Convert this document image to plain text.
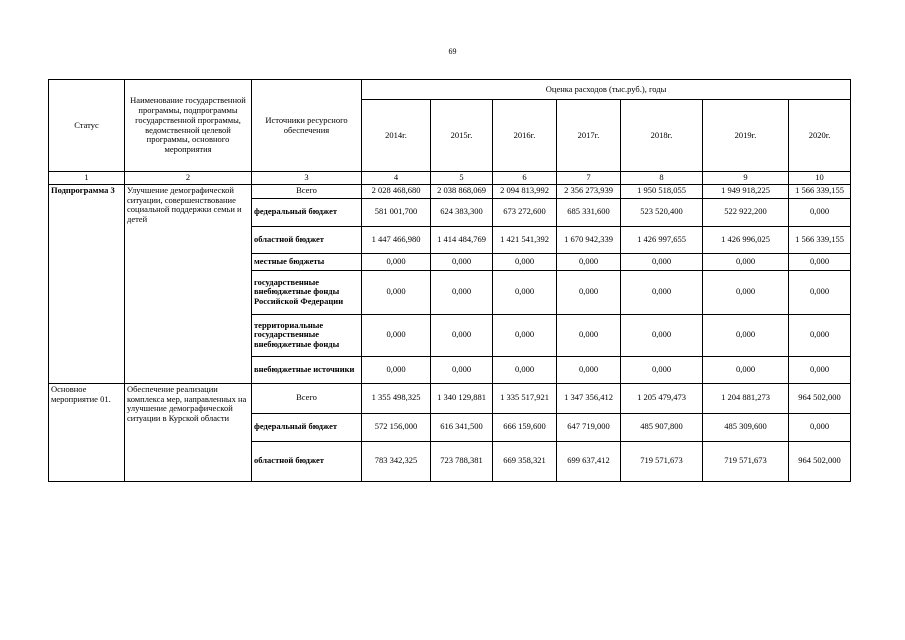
69
Статус	Наименование государственной программы, подпрограммы государственной программы, ведомственной целевой программы, основного мероприятия	Источники ресурсного обеспечения	Оценка расходов (тыс.руб.), годы						
			2014г.	2015г.	2016г.	2017г.	2018г.	2019г.	2020г.
1	2	3	4	5	6	7	8	9	10
Подпрограмма 3	Улучшение демографической ситуации, совершенствование социальной поддержки семьи и детей	Всего	2 028 468,680	2 038 868,069	2 094 813,992	2 356 273,939	1 950 518,055	1 949 918,225	1 566 339,155
		федеральный бюджет	581 001,700	624 383,300	673 272,600	685 331,600	523 520,400	522 922,200	0,000
		областной бюджет	1 447 466,980	1 414 484,769	1 421 541,392	1 670 942,339	1 426 997,655	1 426 996,025	1 566 339,155
		местные бюджеты	0,000	0,000	0,000	0,000	0,000	0,000	0,000
		государственные внебюджетные фонды Российской Федерации	0,000	0,000	0,000	0,000	0,000	0,000	0,000
		территориальные государственные внебюджетные фонды	0,000	0,000	0,000	0,000	0,000	0,000	0,000
		внебюджетные источники	0,000	0,000	0,000	0,000	0,000	0,000	0,000
Основное мероприятие 01.	Обеспечение реализации комплекса мер, направленных на улучшение демографической ситуации в Курской области	Всего	1 355 498,325	1 340 129,881	1 335 517,921	1 347 356,412	1 205 479,473	1 204 881,273	964 502,000
		федеральный бюджет	572 156,000	616 341,500	666 159,600	647 719,000	485 907,800	485 309,600	0,000
		областной бюджет	783 342,325	723 788,381	669 358,321	699 637,412	719 571,673	719 571,673	964 502,000
